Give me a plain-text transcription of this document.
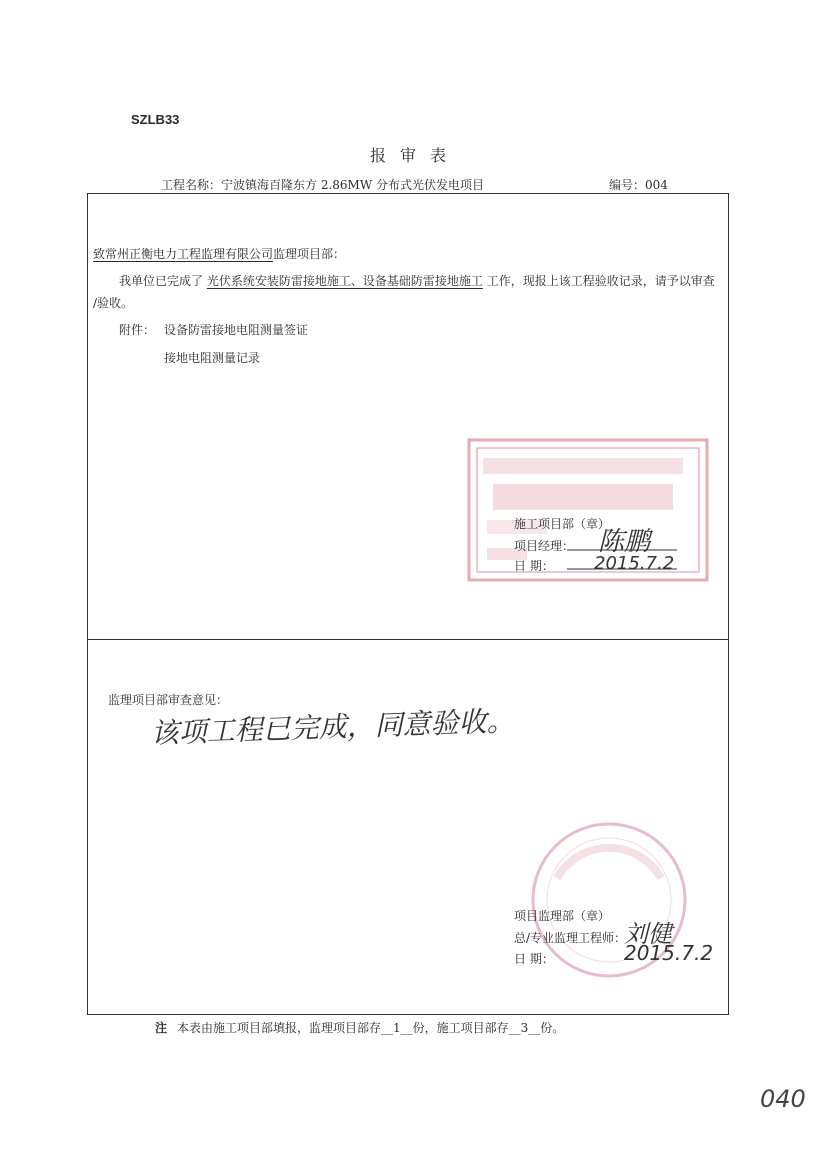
SZLB33
报审表
工程名称：宁波镇海百隆东方 2.86MW 分布式光伏发电项目	编号：004
致常州正衡电力工程监理有限公司监理项目部：
我单位已完成了 光伏系统安装防雷接地施工、设备基础防雷接地施工 工作，现报上该工程验收记录，请予以审查
/验收。
附件： 设备防雷接地电阻测量签证
接地电阻测量记录
施工项目部（章）
项目经理： 陈鹏
日 期： 2015.7.2
监理项目部审查意见：
该项工程已完成，同意验收。
项目监理部（章）
总/专业监理工程师：
刘健
日 期：	2015.7.2
注 本表由施工项目部填报，监理项目部存__1__份，施工项目部存__3__份。
040
